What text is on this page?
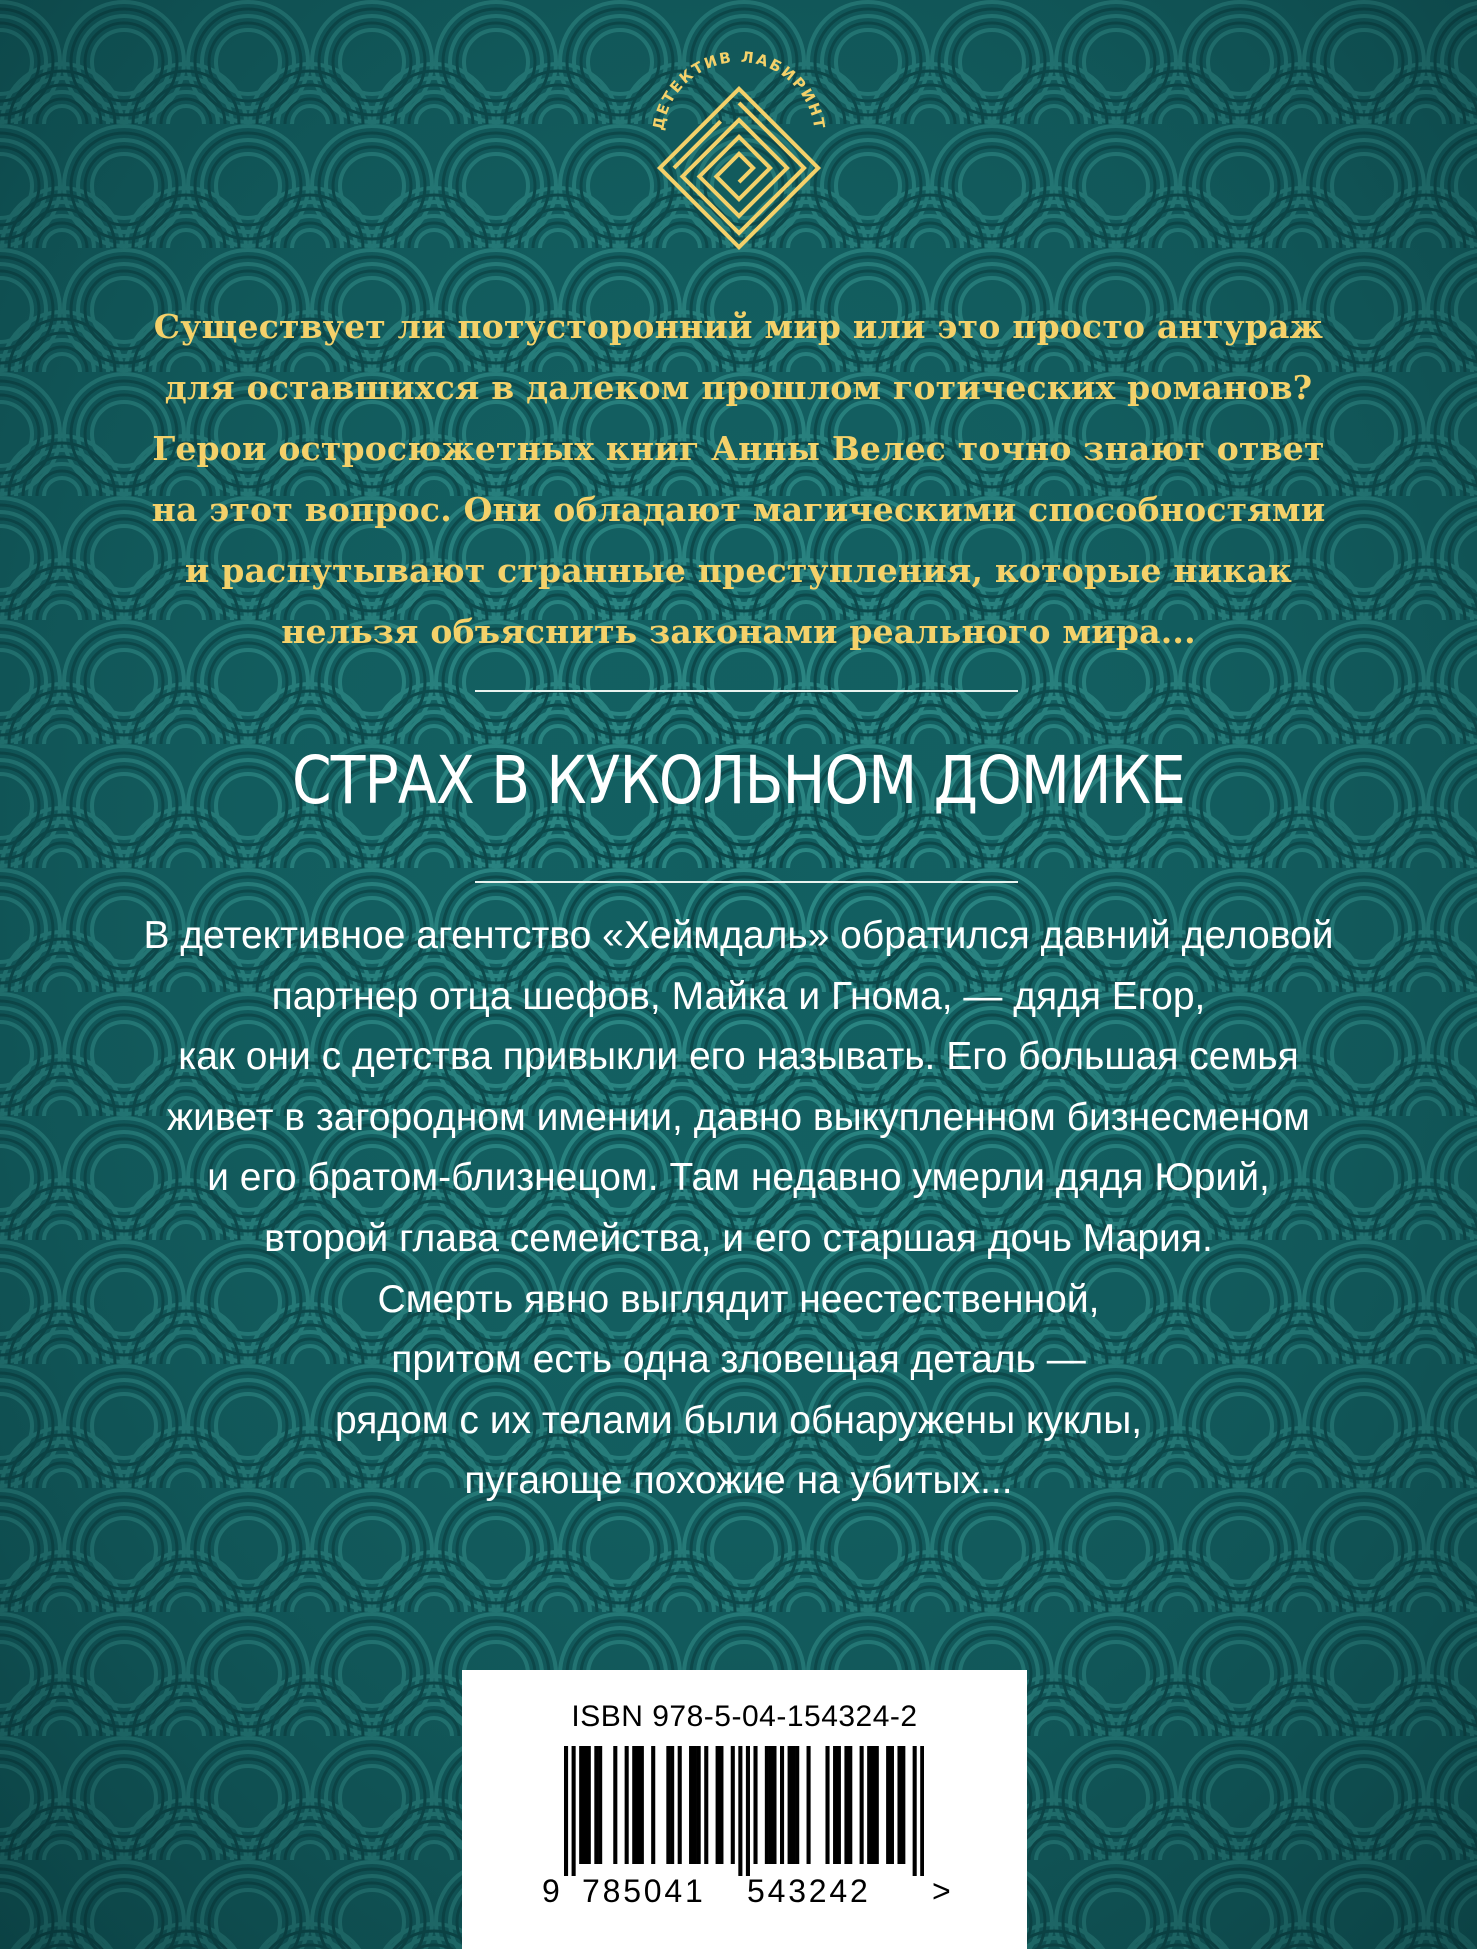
ДЕТЕКТИВ ЛАБИРИНТ
Существует ли потусторонний мир или это просто антураж
для оставшихся в далеком прошлом готических романов?
Герои остросюжетных книг Анны Велес точно знают ответ
на этот вопрос. Они обладают магическими способностями
и распутывают странные преступления, которые никак
нельзя объяснить законами реального мира...
СТРАХ В КУКОЛЬНОМ ДОМИКЕ
В детективное агентство «Хеймдаль» обратился давний деловой
партнер отца шефов, Майка и Гнома, — дядя Егор,
как они с детства привыкли его называть. Его большая семья
живет в загородном имении, давно выкупленном бизнесменом
и его братом-близнецом. Там недавно умерли дядя Юрий,
второй глава семейства, и его старшая дочь Мария.
Смерть явно выглядит неестественной,
притом есть одна зловещая деталь —
рядом с их телами были обнаружены куклы,
пугающе похожие на убитых...
ISBN 978-5-04-154324-2
9 785041 543242 >
